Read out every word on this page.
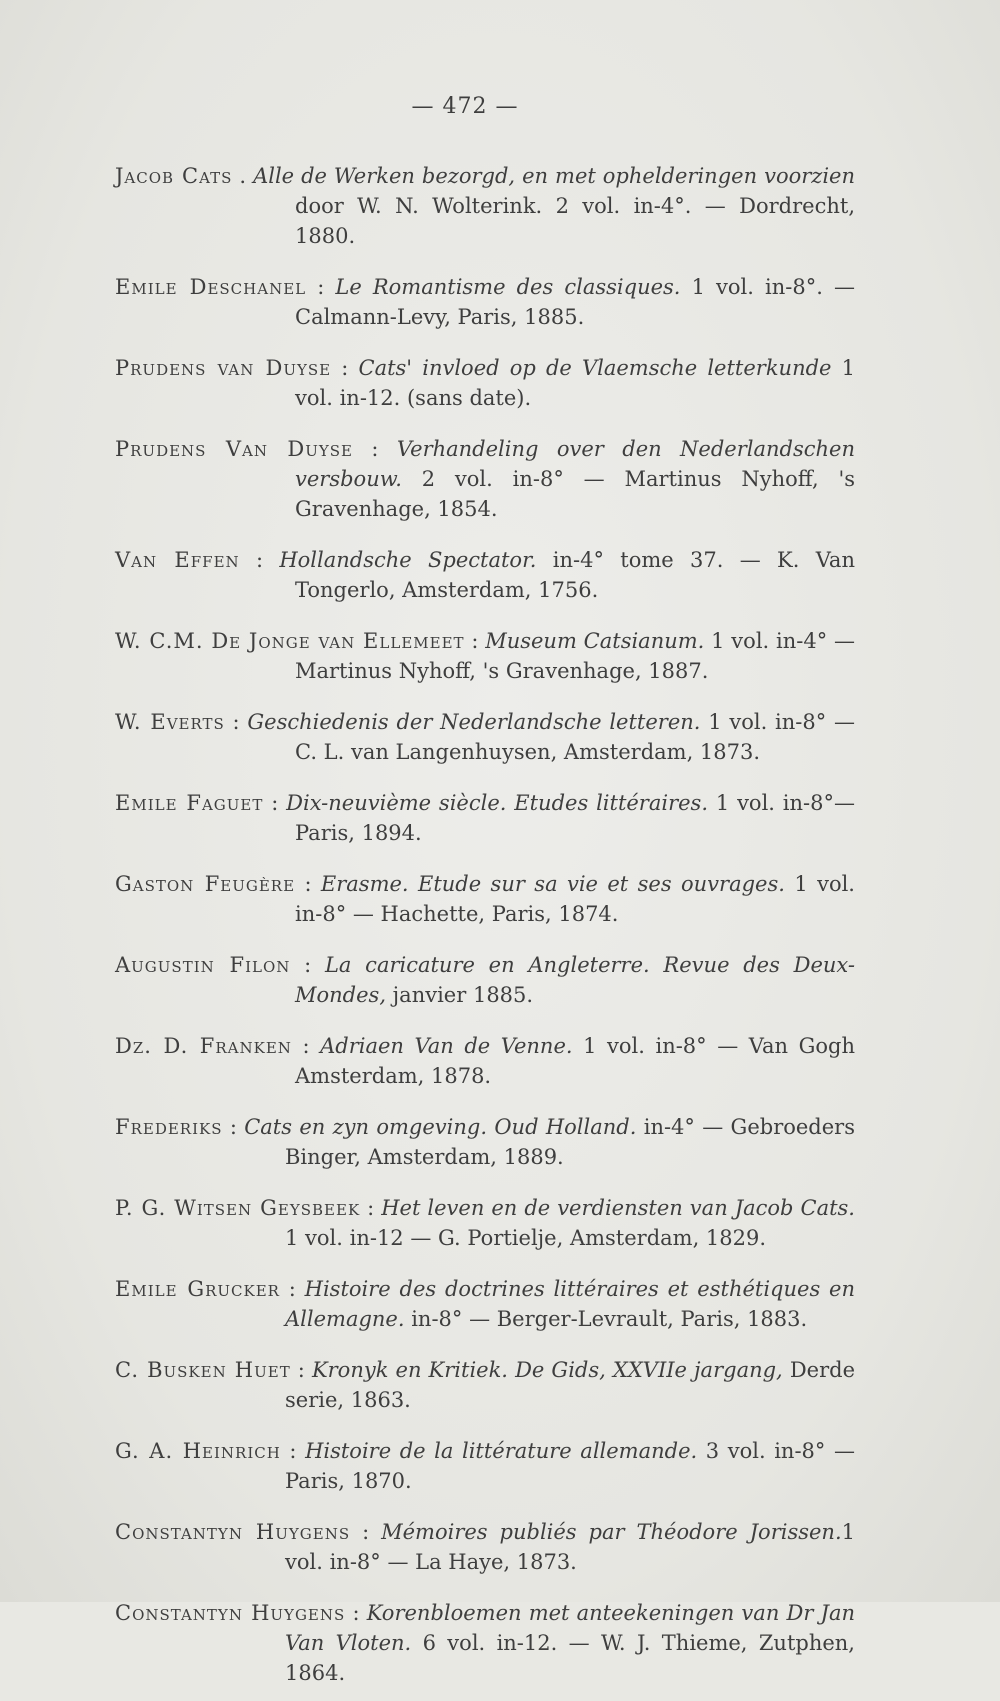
— 472 —

Jacob Cats . Alle de Werken bezorgd, en met ophelderingen voorzien door W. N. Wolterink. 2 vol. in-4°. — Dordrecht, 1880.

Emile Deschanel : Le Romantisme des classiques. 1 vol. in-8°. — Calmann-Levy, Paris, 1885.

Prudens van Duyse : Cats' invloed op de Vlaemsche letterkunde 1 vol. in-12. (sans date).

Prudens Van Duyse : Verhandeling over den Nederlandschen versbouw. 2 vol. in-8° — Martinus Nyhoff, 's Gravenhage, 1854.

Van Effen : Hollandsche Spectator. in-4° tome 37. — K. Van Tongerlo, Amsterdam, 1756.

W. C.M. De Jonge van Ellemeet : Museum Catsianum. 1 vol. in-4° — Martinus Nyhoff, 's Gravenhage, 1887.

W. Everts : Geschiedenis der Nederlandsche letteren. 1 vol. in-8° — C. L. van Langenhuysen, Amsterdam, 1873.

Emile Faguet : Dix-neuvième siècle. Etudes littéraires. 1 vol. in-8°— Paris, 1894.

Gaston Feugère : Erasme. Etude sur sa vie et ses ouvrages. 1 vol. in-8° — Hachette, Paris, 1874.

Augustin Filon : La caricature en Angleterre. Revue des Deux-Mondes, janvier 1885.

Dz. D. Franken : Adriaen Van de Venne. 1 vol. in-8° — Van Gogh Amsterdam, 1878.

Frederiks : Cats en zyn omgeving. Oud Holland. in-4° — Gebroeders Binger, Amsterdam, 1889.

P. G. Witsen Geysbeek : Het leven en de verdiensten van Jacob Cats. 1 vol. in-12 — G. Portielje, Amsterdam, 1829.

Emile Grucker : Histoire des doctrines littéraires et esthétiques en Allemagne. in-8° — Berger-Levrault, Paris, 1883.

C. Busken Huet : Kronyk en Kritiek. De Gids, XXVIIe jargang, Derde serie, 1863.

G. A. Heinrich : Histoire de la littérature allemande. 3 vol. in-8° — Paris, 1870.

Constantyn Huygens : Mémoires publiés par Théodore Jorissen.1 vol. in-8° — La Haye, 1873.

Constantyn Huygens : Korenbloemen met anteekeningen van Dr Jan Van Vloten. 6 vol. in-12. — W. J. Thieme, Zutphen, 1864.
